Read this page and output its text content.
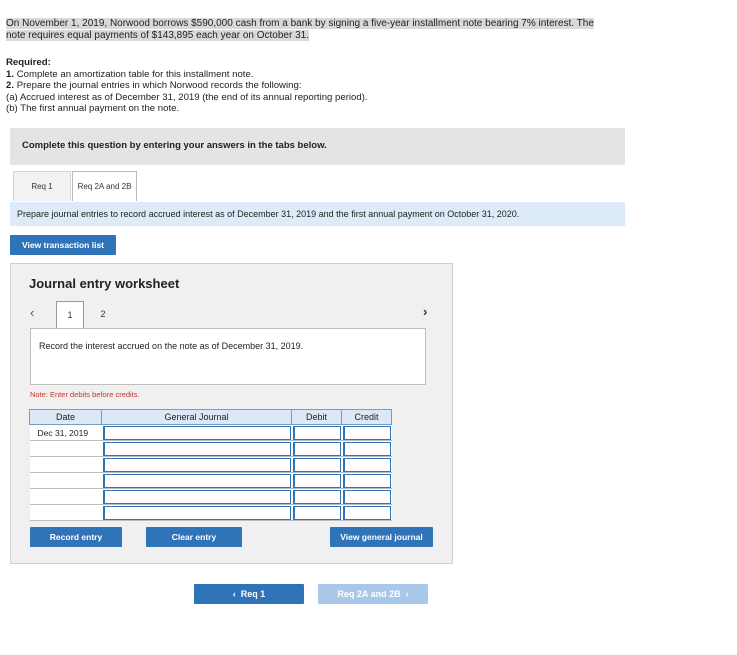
On November 1, 2019, Norwood borrows $590,000 cash from a bank by signing a five-year installment note bearing 7% interest. The
note requires equal payments of $143,895 each year on October 31.
Required:
1. Complete an amortization table for this installment note.
2. Prepare the journal entries in which Norwood records the following:
(a) Accrued interest as of December 31, 2019 (the end of its annual reporting period).
(b) The first annual payment on the note.
Complete this question by entering your answers in the tabs below.
Req 1	Req 2A and 2B
Prepare journal entries to record accrued interest as of December 31, 2019 and the first annual payment on October 31, 2020.
View transaction list
Journal entry worksheet
‹	1	2	›
Record the interest accrued on the note as of December 31, 2019.
Note: Enter debits before credits.
Date	General Journal	Debit	Credit
Dec 31, 2019	

Record entry	Clear entry	View general journal
‹ Req 1	Req 2A and 2B ›
